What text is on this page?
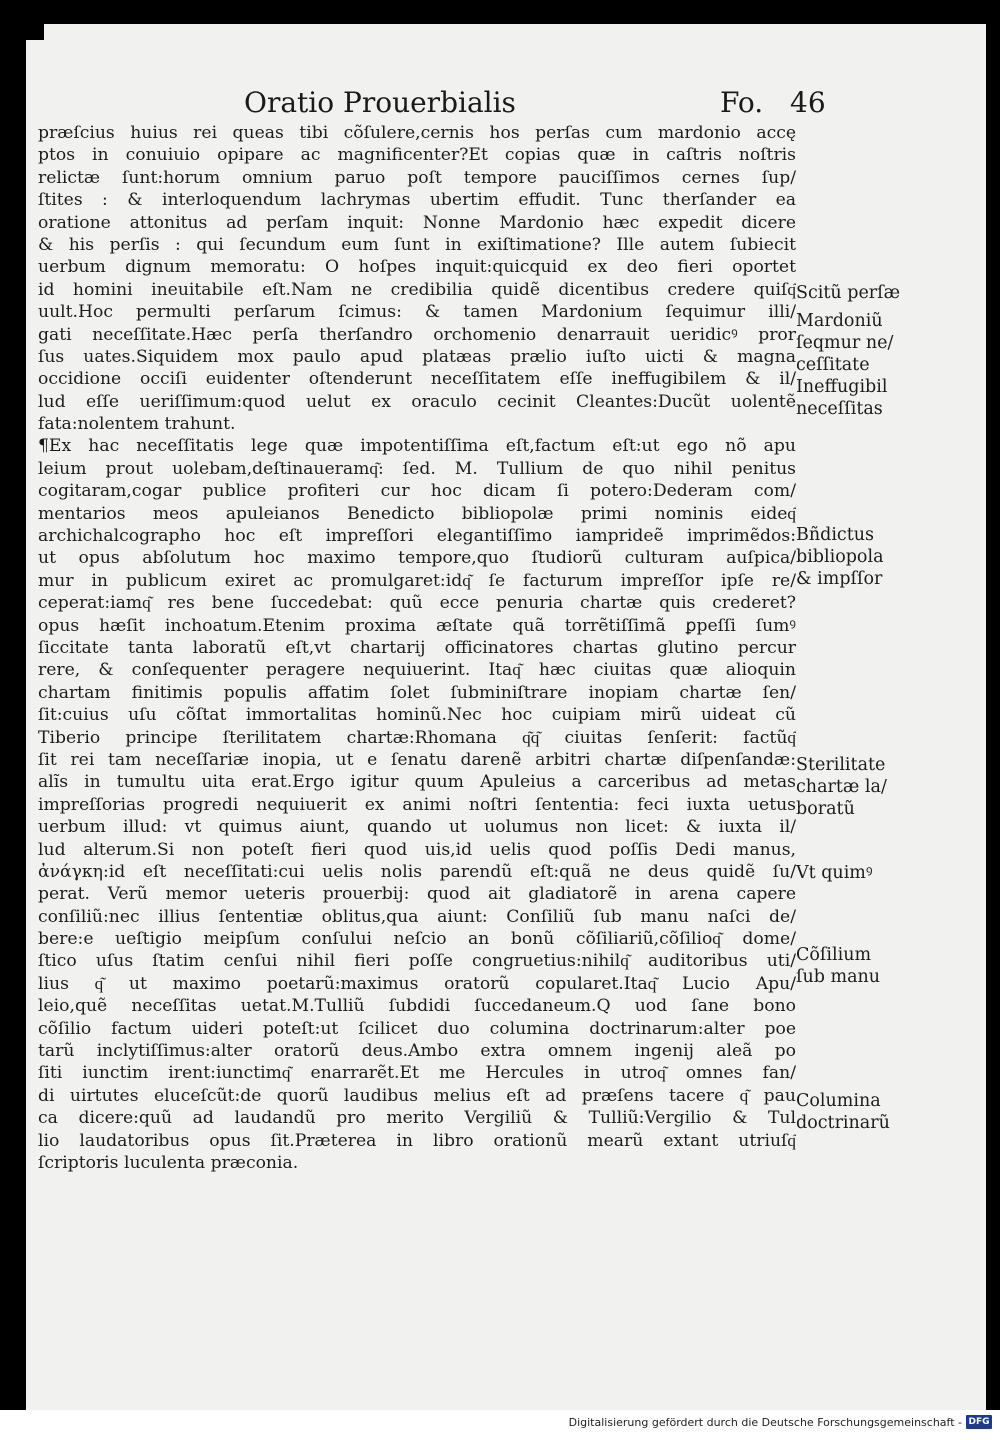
Oratio Prouerbialis	Fo. 46
præſcius huius rei queas tibi cõſulere,cernis hos perſas cum mardonio accę
ptos in conuiuio opipare ac magnificenter?Et copias quæ in caſtris noſtris
relictæ ſunt:horum omnium paruo poſt tempore pauciſſimos cernes ſup/
ſtites : & interloquendum lachrymas ubertim effudit. Tunc therſander ea
oratione attonitus ad perſam inquit: Nonne Mardonio hæc expedit dicere
& his perſis : qui ſecundum eum ſunt in exiſtimatione? Ille autem ſubiecit
uerbum dignum memoratu: O hoſpes inquit:quicquid ex deo fieri oportet
id homini ineuitabile eſt.Nam ne credibilia quidẽ dicentibus credere quiſq͂
uult.Hoc permulti perſarum ſcimus: & tamen Mardonium ſequimur illi/
gati neceſſitate.Hæc perſa therſandro orchomenio denarrauit ueridicꝰ pror
ſus uates.Siquidem mox paulo apud platæas prælio iuſto uicti & magna
occidione occiſi euidenter oſtenderunt neceſſitatem eſſe ineffugibilem & il/
lud eſſe ueriſſimum:quod uelut ex oraculo cecinit Cleantes:Ducũt uolentẽ
fata:nolentem trahunt.
¶Ex hac neceſſitatis lege quæ impotentiſſima eſt,factum eſt:ut ego nõ apu
leium prout uolebam,deſtinaueramq͂: ſed. M. Tullium de quo nihil penitus
cogitaram,cogar publice profiteri cur hoc dicam ſi potero:Dederam com/
mentarios meos apuleianos Benedicto bibliopolæ primi nominis eideq͂
archichalcographo hoc eſt impreſſori elegantiſſimo iamprideẽ imprimẽdos:
ut opus abſolutum hoc maximo tempore,quo ſtudiorũ culturam auſpica/
mur in publicum exiret ac promulgaret:idq͂ ſe facturum impreſſor ipſe re/
ceperat:iamq͂ res bene ſuccedebat: quũ ecce penuria chartæ quis crederet?
opus hæſit inchoatum.Etenim proxima æſtate quã torrẽtiſſimã ꝑpeſſi ſumꝰ
ſiccitate tanta laboratũ eſt,vt chartarij officinatores chartas glutino percur
rere, & conſequenter peragere nequiuerint. Itaq͂ hæc ciuitas quæ alioquin
chartam finitimis populis affatim ſolet ſubminiſtrare inopiam chartæ ſen/
ſit:cuius uſu cõſtat immortalitas hominũ.Nec hoc cuipiam mirũ uideat cũ
Tiberio principe ſterilitatem chartæ:Rhomana q͂q͂ ciuitas ſenſerit: factũq͂
ſit rei tam neceſſariæ inopia, ut e ſenatu darenẽ arbitri chartæ diſpenſandæ:
alĩs in tumultu uita erat.Ergo igitur quum Apuleius a carceribus ad metas
impreſſorias progredi nequiuerit ex animi noſtri ſententia: feci iuxta uetus
uerbum illud: vt quimus aiunt, quando ut uolumus non licet: & iuxta il/
lud alterum.Si non poteſt fieri quod uis,id uelis quod poſſis Dedi manus,
ἀνάγκη:id eſt neceſſitati:cui uelis nolis parendũ eſt:quã ne deus quidẽ ſu/
perat. Verũ memor ueteris prouerbij: quod ait gladiatorẽ in arena capere
conſiliũ:nec illius ſententiæ oblitus,qua aiunt: Conſiliũ ſub manu naſci de/
bere:e ueſtigio meipſum conſului neſcio an bonũ cõſiliariũ,cõſilioq͂ dome/
ſtico uſus ſtatim cenſui nihil fieri poſſe congruetius:nihilq͂ auditoribus uti/
lius q͂ ut maximo poetarũ:maximus oratorũ copularet.Itaq͂ Lucio Apu/
leio,quẽ neceſſitas uetat.M.Tulliũ ſubdidi ſuccedaneum.Q uod ſane bono
cõſilio factum uideri poteſt:ut ſcilicet duo columina doctrinarum:alter poe
tarũ inclytiſſimus:alter oratorũ deus.Ambo extra omnem ingenij aleã po
ſiti iunctim irent:iunctimq͂ enarrarẽt.Et me Hercules in utroq͂ omnes fan/
di uirtutes eluceſcũt:de quorũ laudibus melius eſt ad præſens tacere q͂ pau
ca dicere:quũ ad laudandũ pro merito Vergiliũ & Tulliũ:Vergilio & Tul
lio laudatoribus opus ſit.Præterea in libro orationũ mearũ extant utriuſq͂
ſcriptoris luculenta præconia.
Scitũ perſæ
Mardoniũ
ſeqmur ne/
ceſſitate
Ineffugibil
neceſſitas
Bñdictus
bibliopola
& impſſor
Sterilitate
chartæ la/
boratũ
Vt quimꝰ
Cõſilium
ſub manu
Columina
doctrinarũ
Digitalisierung gefördert durch die Deutsche Forschungsgemeinschaft - DFG
